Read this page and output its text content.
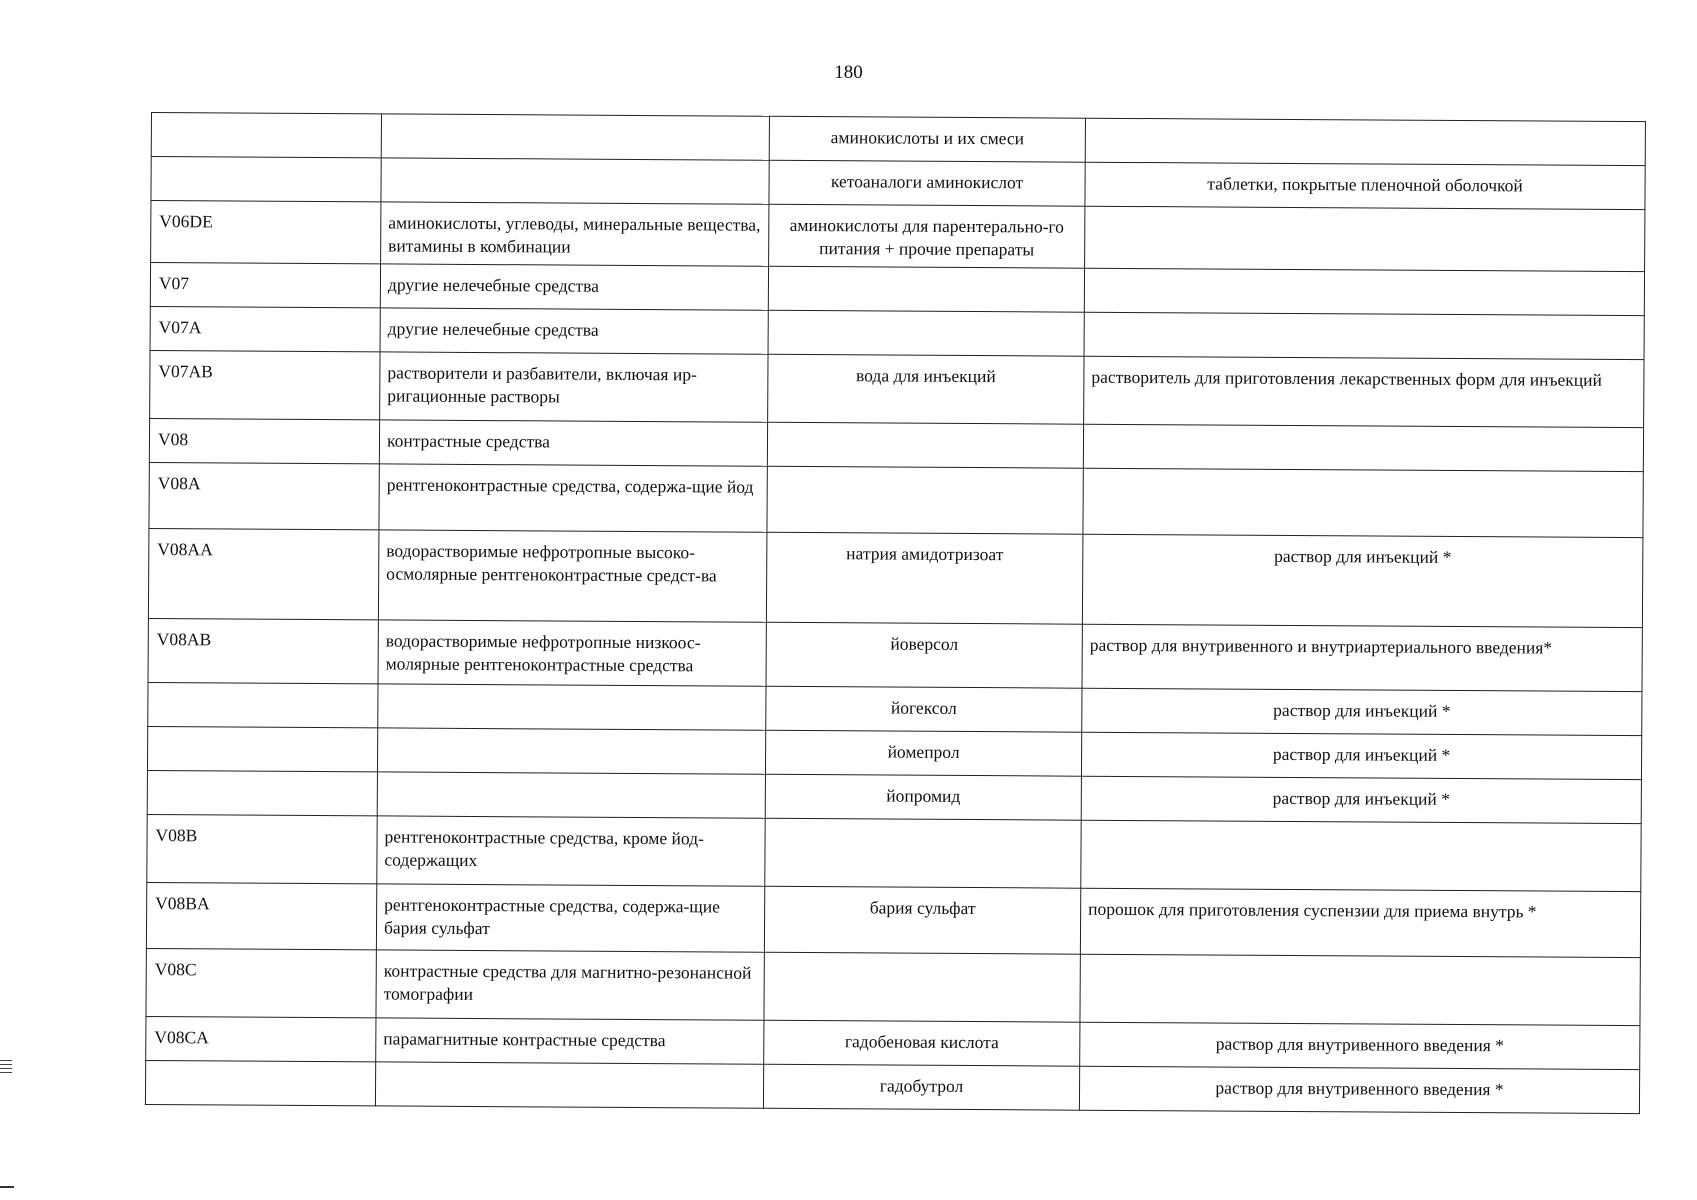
180
		аминокислоты и их смеси	
		кетоаналоги аминокислот	таблетки, покрытые пленочной оболочкой
V06DE	аминокислоты, углеводы, минеральные вещества, витамины в комбинации	аминокислоты для парентерально-го питания + прочие препараты	
V07	другие нелечебные средства		
V07A	другие нелечебные средства		
V07AB	растворители и разбавители, включая ир-ригационные растворы	вода для инъекций	растворитель для приготовления лекарственных форм для инъекций
V08	контрастные средства		
V08A	рентгеноконтрастные средства, содержа-щие йод		
V08AA	водорастворимые нефротропные высоко-осмолярные рентгеноконтрастные средст-ва	натрия амидотризоат	раствор для инъекций *
V08AB	водорастворимые нефротропные низкоос-молярные рентгеноконтрастные средства	йоверсол	раствор для внутривенного и внутриартериального введения*
		йогексол	раствор для инъекций *
		йомепрол	раствор для инъекций *
		йопромид	раствор для инъекций *
V08B	рентгеноконтрастные средства, кроме йод-содержащих		
V08BA	рентгеноконтрастные средства, содержа-щие бария сульфат	бария сульфат	порошок для приготовления суспензии для приема внутрь *
V08C	контрастные средства для магнитно-резонансной томографии		
V08CA	парамагнитные контрастные средства	гадобеновая кислота	раствор для внутривенного введения *
		гадобутрол	раствор для внутривенного введения *
